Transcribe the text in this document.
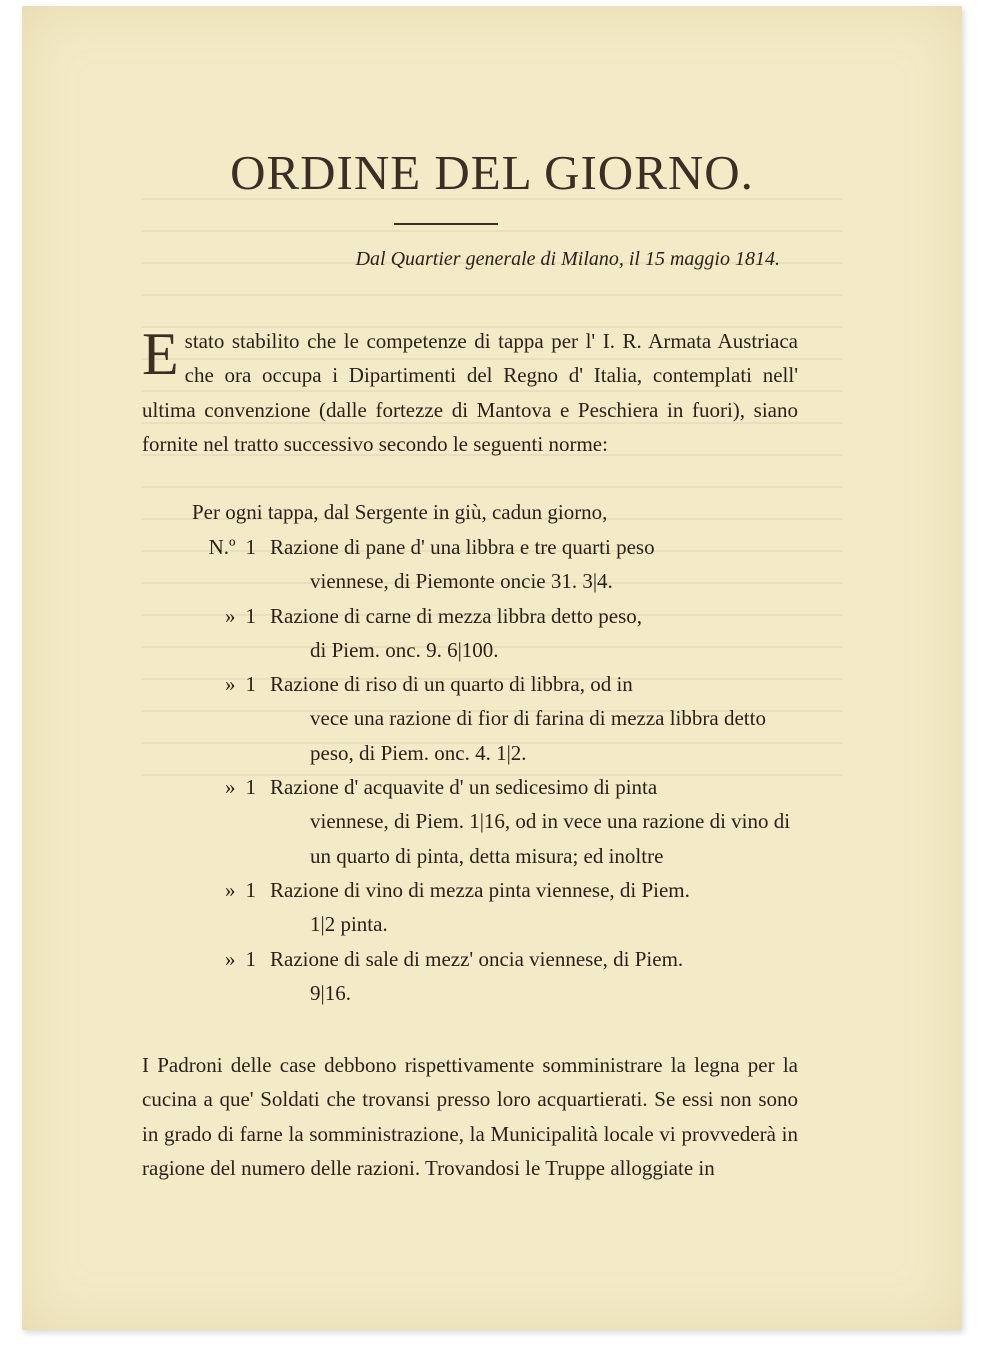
ORDINE DEL GIORNO.
Dal Quartier generale di Milano, il 15 maggio 1814.
E stato stabilito che le competenze di tappa per l' I. R. Armata Austriaca che ora occupa i Dipartimenti del Regno d' Italia, contemplati nell' ultima convenzione (dalle fortezze di Mantova e Peschiera in fuori), siano fornite nel tratto successivo secondo le seguenti norme:
Per ogni tappa, dal Sergente in giù, cadun giorno,
N.º 1 Razione di pane d' una libbra e tre quarti peso
viennese, di Piemonte oncie 31. 3|4.
» 1 Razione di carne di mezza libbra detto peso,
di Piem. onc. 9. 6|100.
» 1 Razione di riso di un quarto di libbra, od in
vece una razione di fior di farina di mezza libbra detto peso, di Piem. onc. 4. 1|2.
» 1 Razione d' acquavite d' un sedicesimo di pinta
viennese, di Piem. 1|16, od in vece una razione di vino di un quarto di pinta, detta misura; ed inoltre
» 1 Razione di vino di mezza pinta viennese, di Piem.
1|2 pinta.
» 1 Razione di sale di mezz' oncia viennese, di Piem.
9|16.
I Padroni delle case debbono rispettivamente somministrare la legna per la cucina a que' Soldati che trovansi presso loro acquartierati. Se essi non sono in grado di farne la somministrazione, la Municipalità locale vi provvederà in ragione del numero delle razioni. Trovandosi le Truppe alloggiate in
